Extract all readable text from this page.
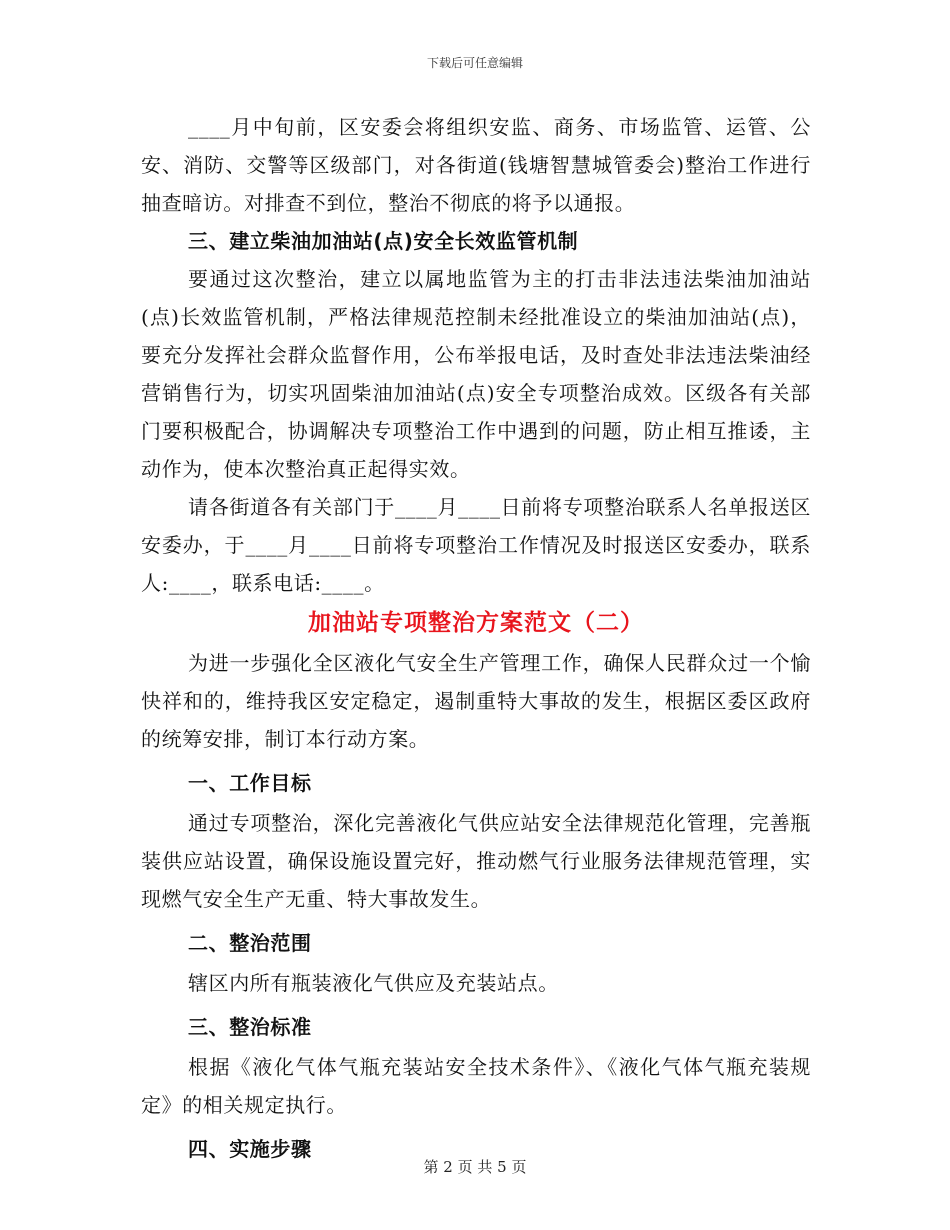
下载后可任意编辑

____月中旬前，区安委会将组织安监、商务、市场监管、运管、公安、消防、交警等区级部门，对各街道(钱塘智慧城管委会)整治工作进行抽查暗访。对排查不到位，整治不彻底的将予以通报。

三、建立柴油加油站(点)安全长效监管机制

要通过这次整治，建立以属地监管为主的打击非法违法柴油加油站(点)长效监管机制，严格法律规范控制未经批准设立的柴油加油站(点)，要充分发挥社会群众监督作用，公布举报电话，及时查处非法违法柴油经营销售行为，切实巩固柴油加油站(点)安全专项整治成效。区级各有关部门要积极配合，协调解决专项整治工作中遇到的问题，防止相互推诿，主动作为，使本次整治真正起得实效。

请各街道各有关部门于____月____日前将专项整治联系人名单报送区安委办，于____月____日前将专项整治工作情况及时报送区安委办，联系人:____，联系电话:____。

加油站专项整治方案范文（二）

为进一步强化全区液化气安全生产管理工作，确保人民群众过一个愉快祥和的，维持我区安定稳定，遏制重特大事故的发生，根据区委区政府的统筹安排，制订本行动方案。

一、工作目标

通过专项整治，深化完善液化气供应站安全法律规范化管理，完善瓶装供应站设置，确保设施设置完好，推动燃气行业服务法律规范管理，实现燃气安全生产无重、特大事故发生。

二、整治范围

辖区内所有瓶装液化气供应及充装站点。

三、整治标准

根据《液化气体气瓶充装站安全技术条件》、《液化气体气瓶充装规定》的相关规定执行。

四、实施步骤

第 2 页 共 5 页
